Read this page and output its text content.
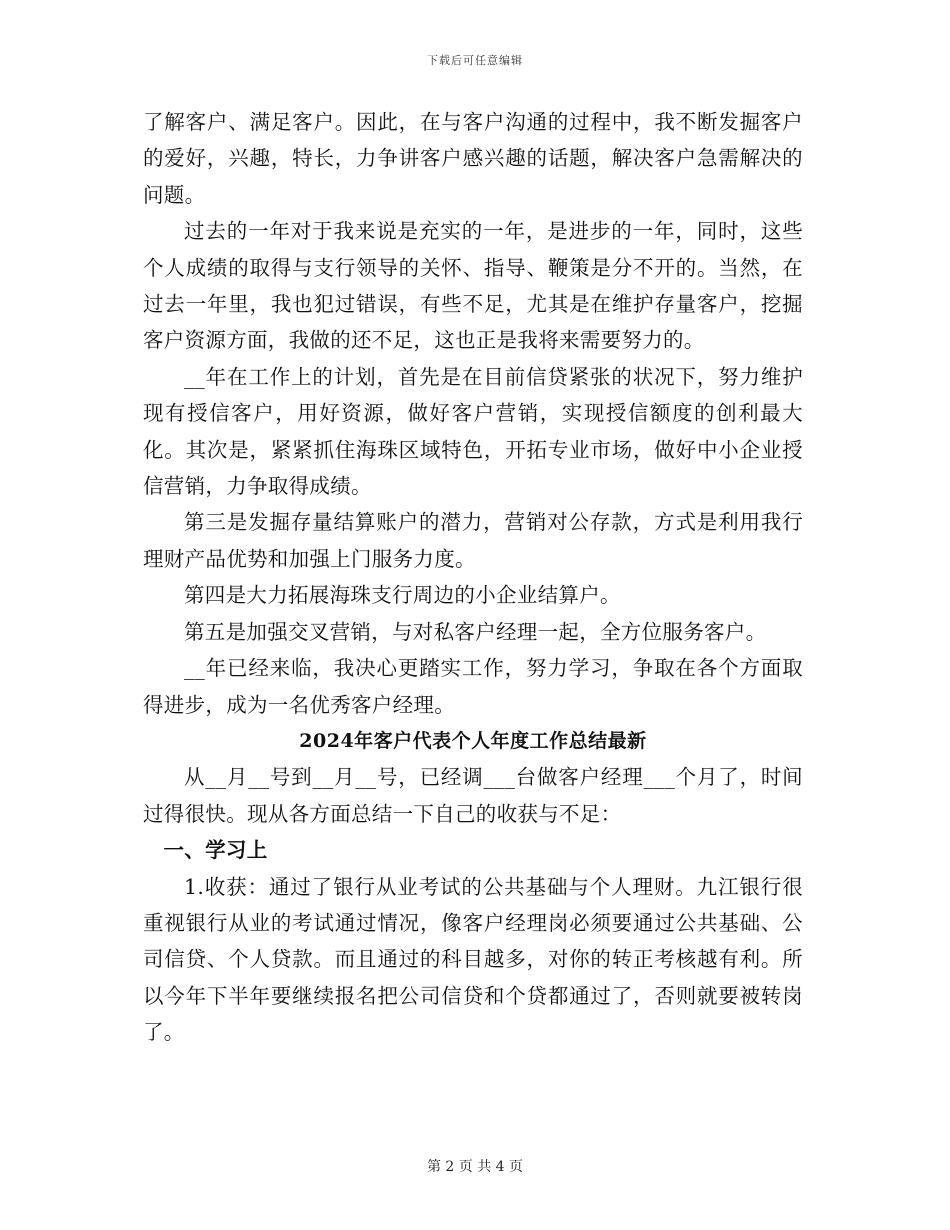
下载后可任意编辑

了解客户、满足客户。因此，在与客户沟通的过程中，我不断发掘客户的爱好，兴趣，特长，力争讲客户感兴趣的话题，解决客户急需解决的问题。

过去的一年对于我来说是充实的一年，是进步的一年，同时，这些个人成绩的取得与支行领导的关怀、指导、鞭策是分不开的。当然，在过去一年里，我也犯过错误，有些不足，尤其是在维护存量客户，挖掘客户资源方面，我做的还不足，这也正是我将来需要努力的。

__年在工作上的计划，首先是在目前信贷紧张的状况下，努力维护现有授信客户，用好资源，做好客户营销，实现授信额度的创利最大化。其次是，紧紧抓住海珠区域特色，开拓专业市场，做好中小企业授信营销，力争取得成绩。

第三是发掘存量结算账户的潜力，营销对公存款，方式是利用我行理财产品优势和加强上门服务力度。

第四是大力拓展海珠支行周边的小企业结算户。

第五是加强交叉营销，与对私客户经理一起，全方位服务客户。

__年已经来临，我决心更踏实工作，努力学习，争取在各个方面取得进步，成为一名优秀客户经理。

2024年客户代表个人年度工作总结最新

从__月__号到__月__号，已经调___台做客户经理___个月了，时间过得很快。现从各方面总结一下自己的收获与不足：

一、学习上

1.收获：通过了银行从业考试的公共基础与个人理财。九江银行很重视银行从业的考试通过情况，像客户经理岗必须要通过公共基础、公司信贷、个人贷款。而且通过的科目越多，对你的转正考核越有利。所以今年下半年要继续报名把公司信贷和个贷都通过了，否则就要被转岗了。

第 2 页 共 4 页
